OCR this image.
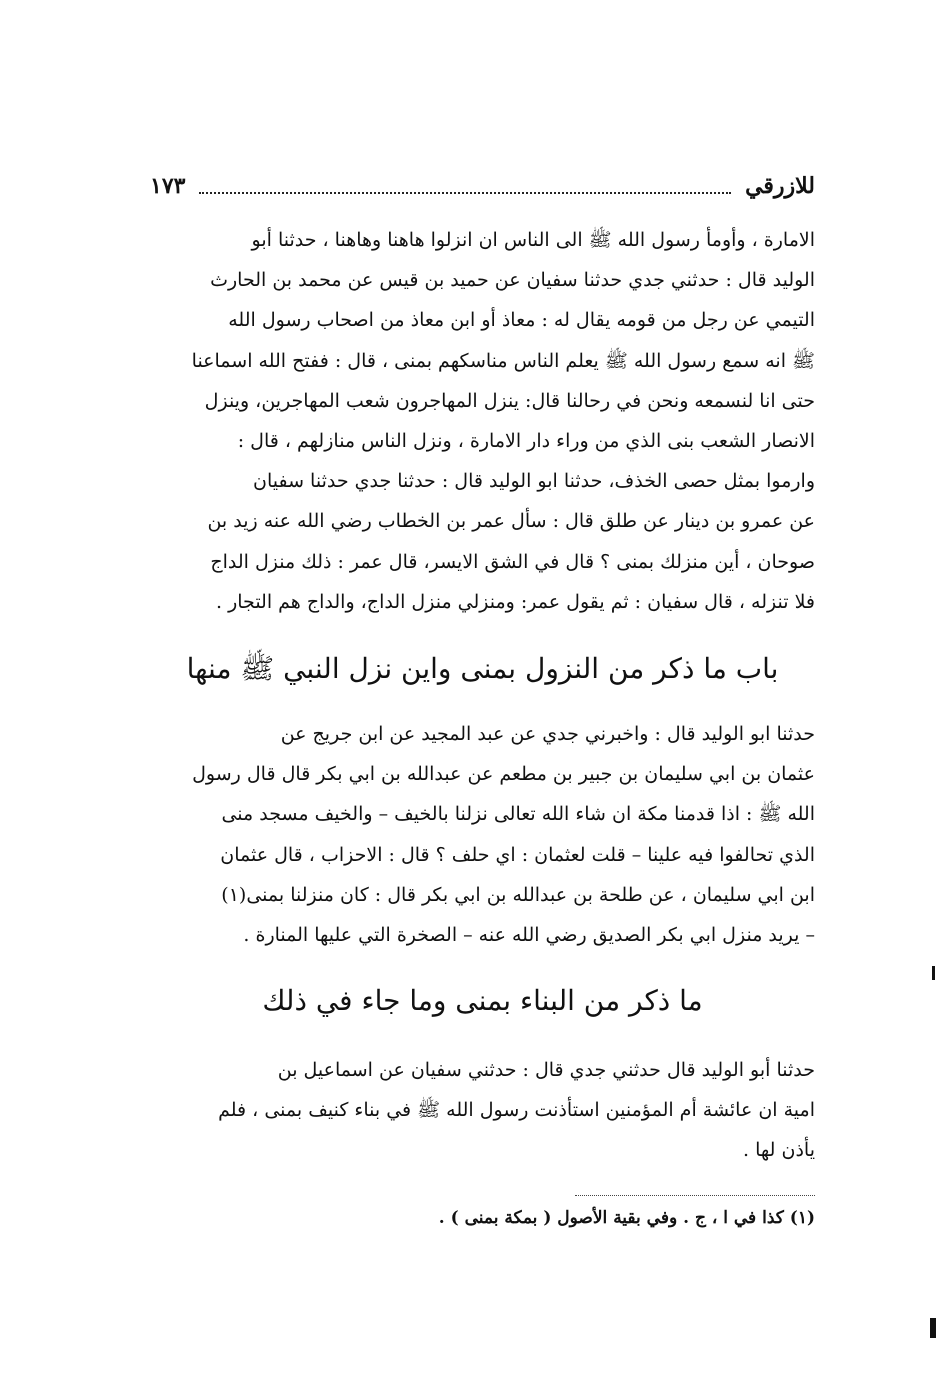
للازرقي
١٧٣
الامارة ، وأومأ رسول الله ﷺ الى الناس ان انزلوا هاهنا وهاهنا ، حدثنا أبو
الوليد قال : حدثني جدي حدثنا سفيان عن حميد بن قيس عن محمد بن الحارث
التيمي عن رجل من قومه يقال له : معاذ أو ابن معاذ من اصحاب رسول الله
ﷺ انه سمع رسول الله ﷺ يعلم الناس مناسكهم بمنى ، قال : ففتح الله اسماعنا
حتى انا لنسمعه ونحن في رحالنا قال: ينزل المهاجرون شعب المهاجرين، وينزل
الانصار الشعب بنى الذي من وراء دار الامارة ، ونزل الناس منازلهم ، قال :
وارموا بمثل حصى الخذف، حدثنا ابو الوليد قال : حدثنا جدي حدثنا سفيان
عن عمرو بن دينار عن طلق قال : سأل عمر بن الخطاب رضي الله عنه زيد بن
صوحان ، أين منزلك بمنى ؟ قال في الشق الايسر، قال عمر : ذلك منزل الداج
فلا تنزله ، قال سفيان : ثم يقول عمر: ومنزلي منزل الداج، والداج هم التجار .
باب ما ذكر من النزول بمنى واين نزل النبي ﷺ منها
حدثنا ابو الوليد قال : واخبرني جدي عن عبد المجيد عن ابن جريج عن
عثمان بن ابي سليمان بن جبير بن مطعم عن عبدالله بن ابي بكر قال قال رسول
الله ﷺ : اذا قدمنا مكة ان شاء الله تعالى نزلنا بالخيف – والخيف مسجد منى
الذي تحالفوا فيه علينا – قلت لعثمان : اي حلف ؟ قال : الاحزاب ، قال عثمان
ابن ابي سليمان ، عن طلحة بن عبدالله بن ابي بكر قال : كان منزلنا بمنى(١)
– يريد منزل ابي بكر الصديق رضي الله عنه – الصخرة التي عليها المنارة .
ما ذكر من البناء بمنى وما جاء في ذلك
حدثنا أبو الوليد قال حدثني جدي قال : حدثني سفيان عن اسماعيل بن
امية ان عائشة أم المؤمنين استأذنت رسول الله ﷺ في بناء كنيف بمنى ، فلم
يأذن لها .
(١) كذا في ا ، ج . وفي بقية الأصول ( بمكة بمنى ) .
